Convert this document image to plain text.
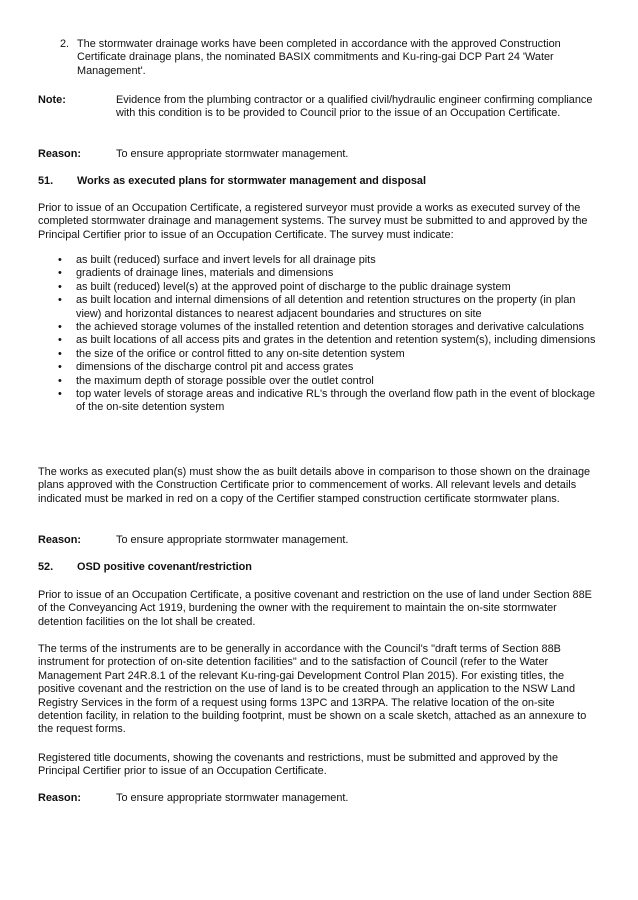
2. The stormwater drainage works have been completed in accordance with the approved Construction Certificate drainage plans, the nominated BASIX commitments and Ku-ring-gai DCP Part 24 'Water Management'.
Note:	Evidence from the plumbing contractor or a qualified civil/hydraulic engineer confirming compliance with this condition is to be provided to Council prior to the issue of an Occupation Certificate.
Reason:	To ensure appropriate stormwater management.
51. Works as executed plans for stormwater management and disposal

Prior to issue of an Occupation Certificate, a registered surveyor must provide a works as executed survey of the completed stormwater drainage and management systems. The survey must be submitted to and approved by the Principal Certifier prior to issue of an Occupation Certificate. The survey must indicate:

• as built (reduced) surface and invert levels for all drainage pits
• gradients of drainage lines, materials and dimensions
• as built (reduced) level(s) at the approved point of discharge to the public drainage system
• as built location and internal dimensions of all detention and retention structures on the property (in plan view) and horizontal distances to nearest adjacent boundaries and structures on site
• the achieved storage volumes of the installed retention and detention storages and derivative calculations
• as built locations of all access pits and grates in the detention and retention system(s), including dimensions
• the size of the orifice or control fitted to any on-site detention system
• dimensions of the discharge control pit and access grates
• the maximum depth of storage possible over the outlet control
• top water levels of storage areas and indicative RL's through the overland flow path in the event of blockage of the on-site detention system

The works as executed plan(s) must show the as built details above in comparison to those shown on the drainage plans approved with the Construction Certificate prior to commencement of works. All relevant levels and details indicated must be marked in red on a copy of the Certifier stamped construction certificate stormwater plans.

Reason:	To ensure appropriate stormwater management.
52. OSD positive covenant/restriction

Prior to issue of an Occupation Certificate, a positive covenant and restriction on the use of land under Section 88E of the Conveyancing Act 1919, burdening the owner with the requirement to maintain the on-site stormwater detention facilities on the lot shall be created.

The terms of the instruments are to be generally in accordance with the Council's "draft terms of Section 88B instrument for protection of on-site detention facilities" and to the satisfaction of Council (refer to the Water Management Part 24R.8.1 of the relevant Ku-ring-gai Development Control Plan 2015). For existing titles, the positive covenant and the restriction on the use of land is to be created through an application to the NSW Land Registry Services in the form of a request using forms 13PC and 13RPA. The relative location of the on-site detention facility, in relation to the building footprint, must be shown on a scale sketch, attached as an annexure to the request forms.

Registered title documents, showing the covenants and restrictions, must be submitted and approved by the Principal Certifier prior to issue of an Occupation Certificate.

Reason:	To ensure appropriate stormwater management.
